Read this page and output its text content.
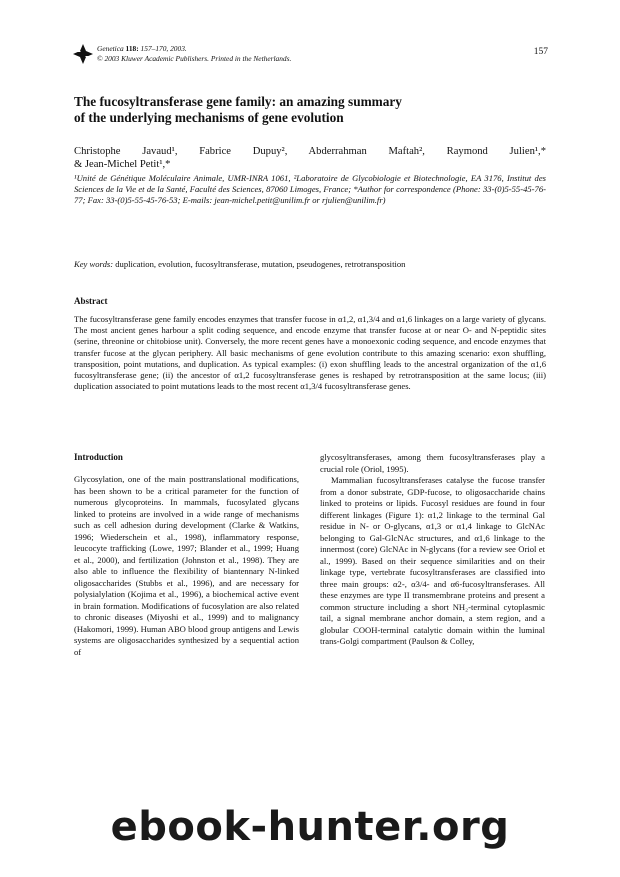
Genetica 118: 157–170, 2003.
© 2003 Kluwer Academic Publishers. Printed in the Netherlands.
157
The fucosyltransferase gene family: an amazing summary
of the underlying mechanisms of gene evolution
Christophe Javaud¹, Fabrice Dupuy², Abderrahman Maftah², Raymond Julien¹,*
& Jean-Michel Petit¹,*
¹Unité de Génétique Moléculaire Animale, UMR-INRA 1061, ²Laboratoire de Glycobiologie et Biotechnologie, EA 3176, Institut des Sciences de la Vie et de la Santé, Faculté des Sciences, 87060 Limoges, France; *Author for correspondence (Phone: 33-(0)5-55-45-76-77; Fax: 33-(0)5-55-45-76-53; E-mails: jean-michel.petit@unilim.fr or rjulien@unilim.fr)
Key words: duplication, evolution, fucosyltransferase, mutation, pseudogenes, retrotransposition
Abstract
The fucosyltransferase gene family encodes enzymes that transfer fucose in α1,2, α1,3/4 and α1,6 linkages on a large variety of glycans. The most ancient genes harbour a split coding sequence, and encode enzyme that transfer fucose at or near O- and N-peptidic sites (serine, threonine or chitobiose unit). Conversely, the more recent genes have a monoexonic coding sequence, and encode enzymes that transfer fucose at the glycan periphery. All basic mechanisms of gene evolution contribute to this amazing scenario: exon shuffling, transposition, point mutations, and duplication. As typical examples: (i) exon shuffling leads to the ancestral organization of the α1,6 fucosyltransferase gene; (ii) the ancestor of α1,2 fucosyltransferase genes is reshaped by retrotransposition at the same locus; (iii) duplication associated to point mutations leads to the most recent α1,3/4 fucosyltransferase genes.
Introduction

Glycosylation, one of the main posttranslational modifications, has been shown to be a critical parameter for the function of numerous glycoproteins. In mammals, fucosylated glycans linked to proteins are involved in a wide range of mechanisms such as cell adhesion during development (Clarke & Watkins, 1996; Wiederschein et al., 1998), inflammatory response, leucocyte trafficking (Lowe, 1997; Blander et al., 1999; Huang et al., 2000), and fertilization (Johnston et al., 1998). They are also able to influence the flexibility of biantennary N-linked oligosaccharides (Stubbs et al., 1996), and are necessary for polysialylation (Kojima et al., 1996), a biochemical active event in brain formation. Modifications of fucosylation are also related to chronic diseases (Miyoshi et al., 1999) and to malignancy (Hakomori, 1999). Human ABO blood group antigens and Lewis systems are oligosaccharides synthesized by a sequential action of

glycosyltransferases, among them fucosyltransferases play a crucial role (Oriol, 1995).

Mammalian fucosyltransferases catalyse the fucose transfer from a donor substrate, GDP-fucose, to oligosaccharide chains linked to proteins or lipids. Fucosyl residues are found in four different linkages (Figure 1): α1,2 linkage to the terminal Gal residue in N- or O-glycans, α1,3 or α1,4 linkage to GlcNAc belonging to Gal-GlcNAc structures, and α1,6 linkage to the innermost (core) GlcNAc in N-glycans (for a review see Oriol et al., 1999). Based on their sequence similarities and on their linkage type, vertebrate fucosyltransferases are classified into three main groups: α2-, α3/4- and α6-fucosyltransferases. All these enzymes are type II transmembrane proteins and present a common structure including a short NH₂-terminal cytoplasmic tail, a signal membrane anchor domain, a stem region, and a globular COOH-terminal catalytic domain within the luminal trans-Golgi compartment (Paulson & Colley,

ebook-hunter.org
